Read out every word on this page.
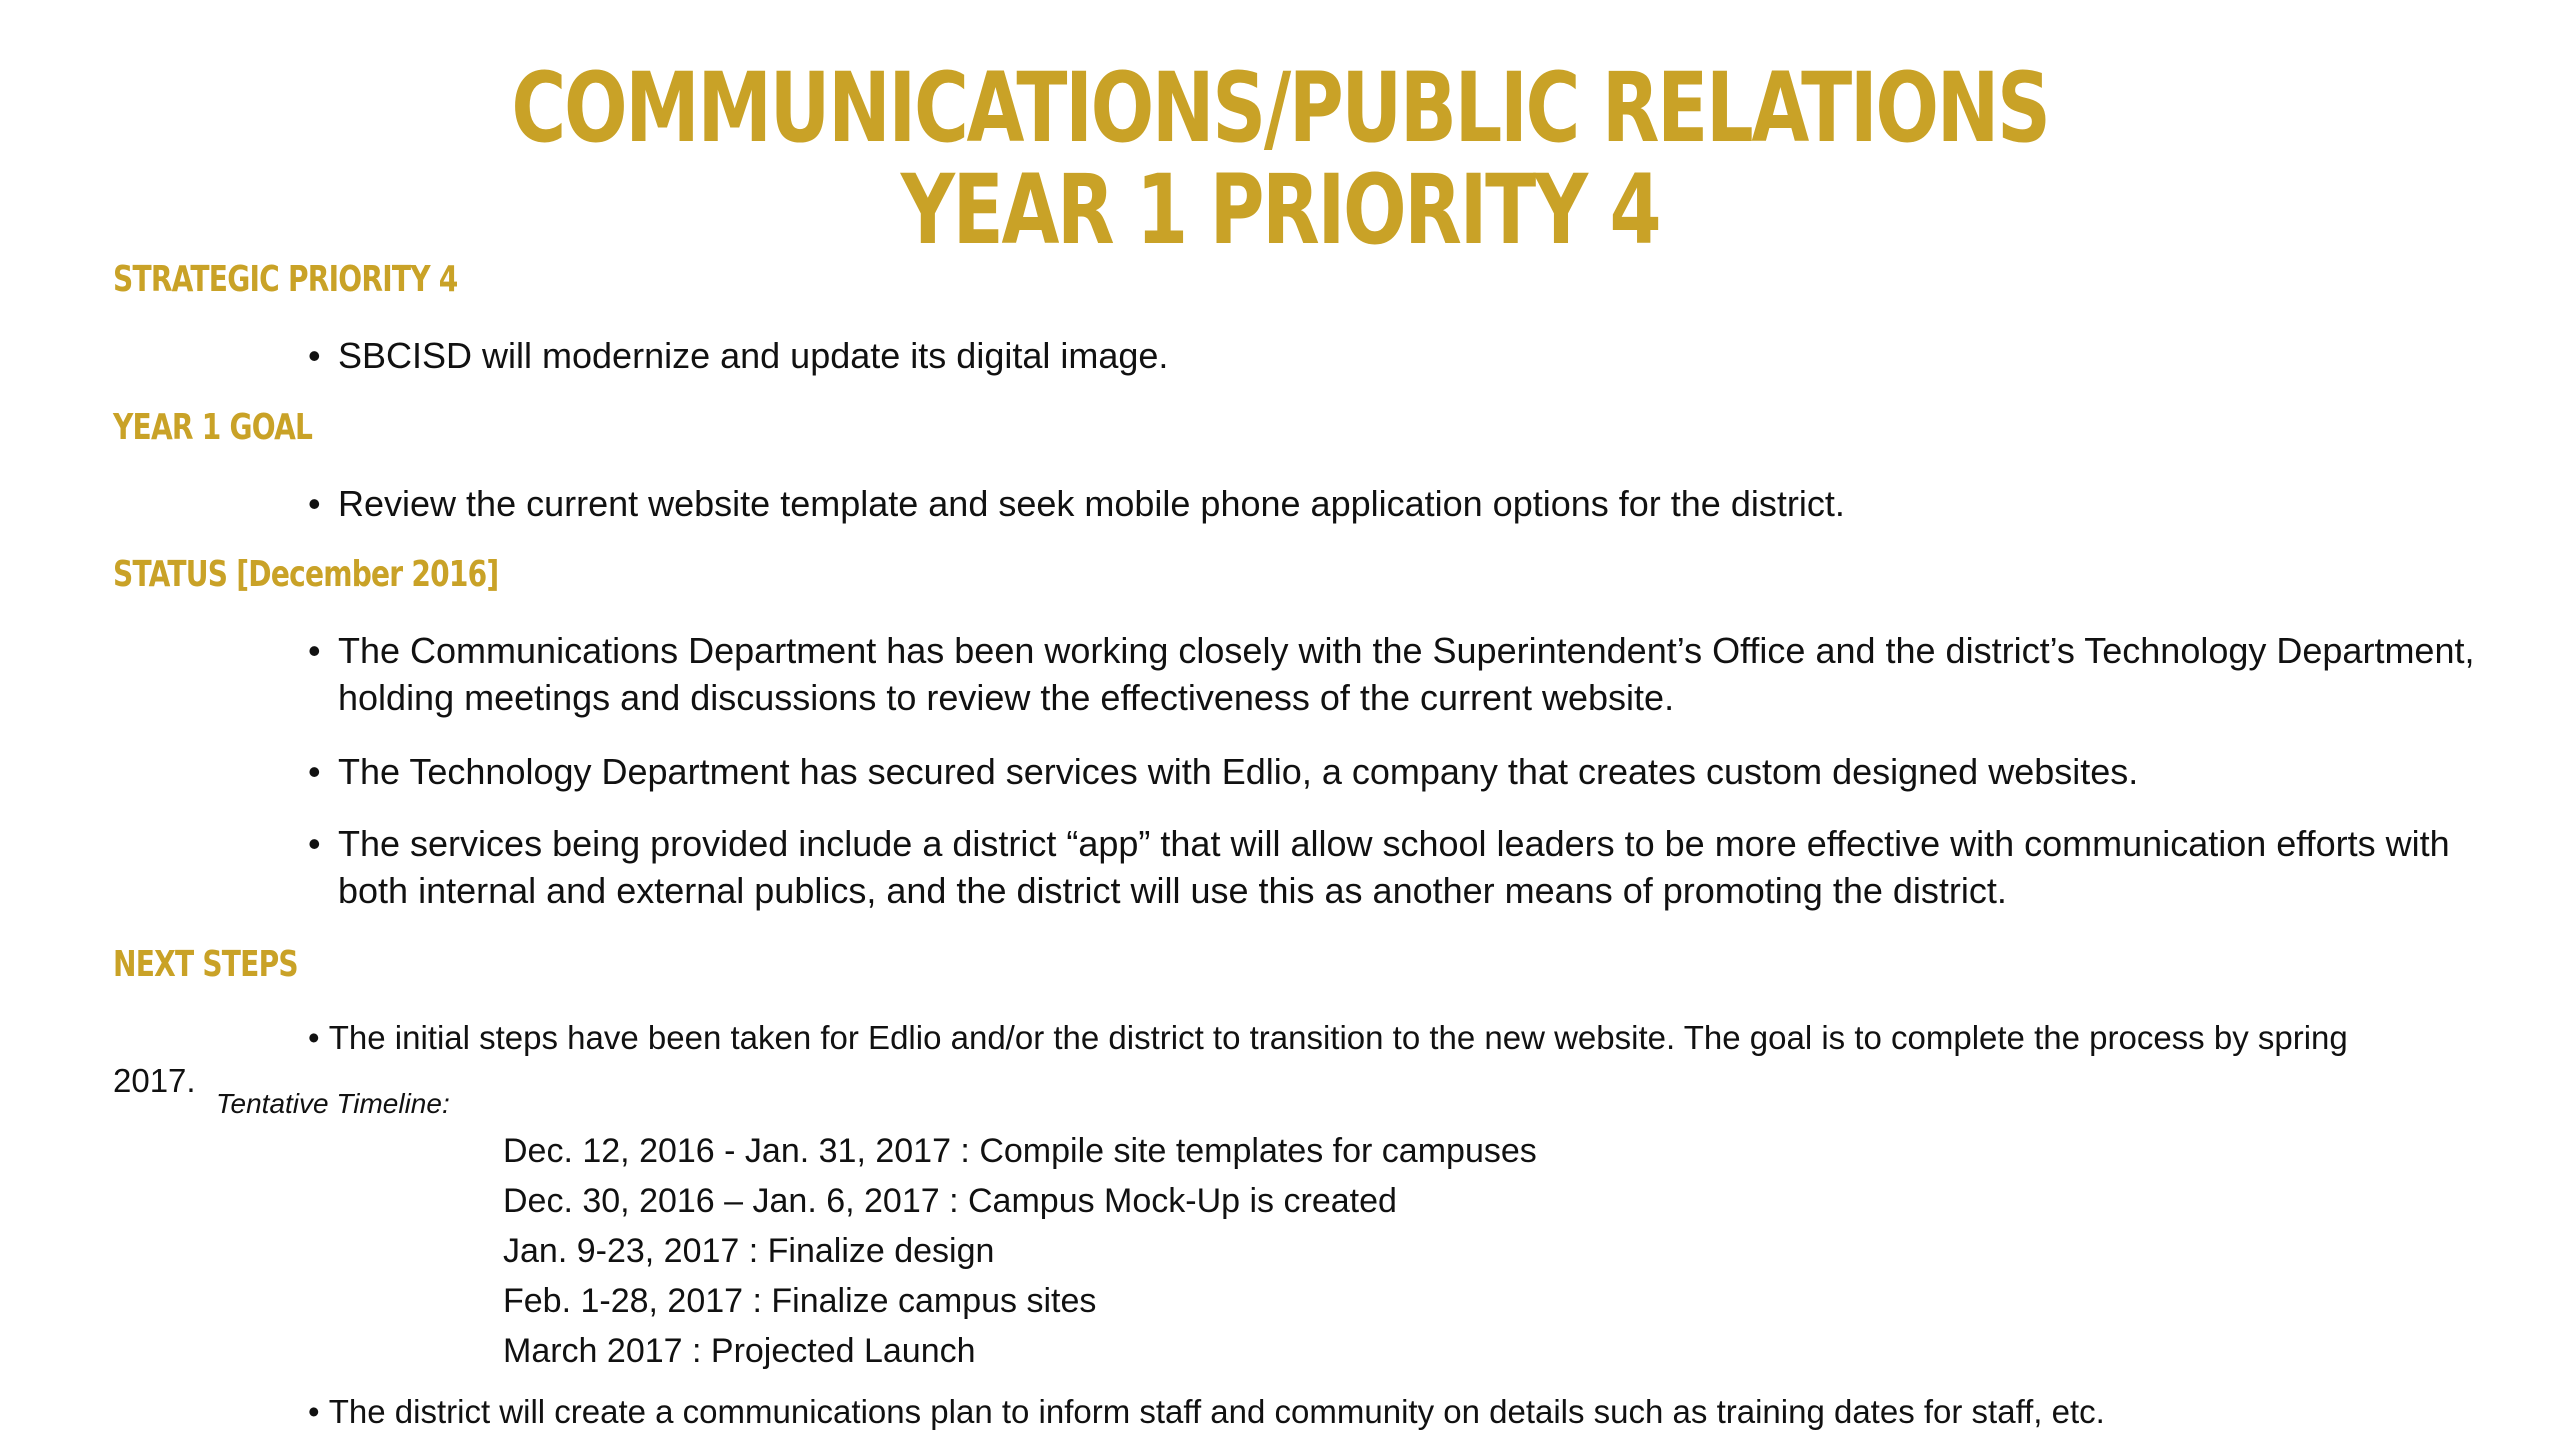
COMMUNICATIONS/PUBLIC RELATIONS
YEAR 1 PRIORITY 4
STRATEGIC PRIORITY 4
• SBCISD will modernize and update its digital image.
YEAR 1 GOAL
• Review the current website template and seek mobile phone application options for the district.
STATUS [December 2016]
• The Communications Department has been working closely with the Superintendent’s Office and the district’s Technology Department, holding meetings and discussions to review the effectiveness of the current website.
• The Technology Department has secured services with Edlio, a company that creates custom designed websites.
• The services being provided include a district “app” that will allow school leaders to be more effective with communication efforts with both internal and external publics, and the district will use this as another means of promoting the district.
NEXT STEPS
• The initial steps have been taken for Edlio and/or the district to transition to the new website. The goal is to complete the process by spring
2017.
Tentative Timeline:
Dec. 12, 2016 - Jan. 31, 2017 : Compile site templates for campuses
Dec. 30, 2016 – Jan. 6, 2017 : Campus Mock-Up is created
Jan. 9-23, 2017 : Finalize design
Feb. 1-28, 2017 : Finalize campus sites
March 2017 : Projected Launch
• The district will create a communications plan to inform staff and community on details such as training dates for staff, etc.
